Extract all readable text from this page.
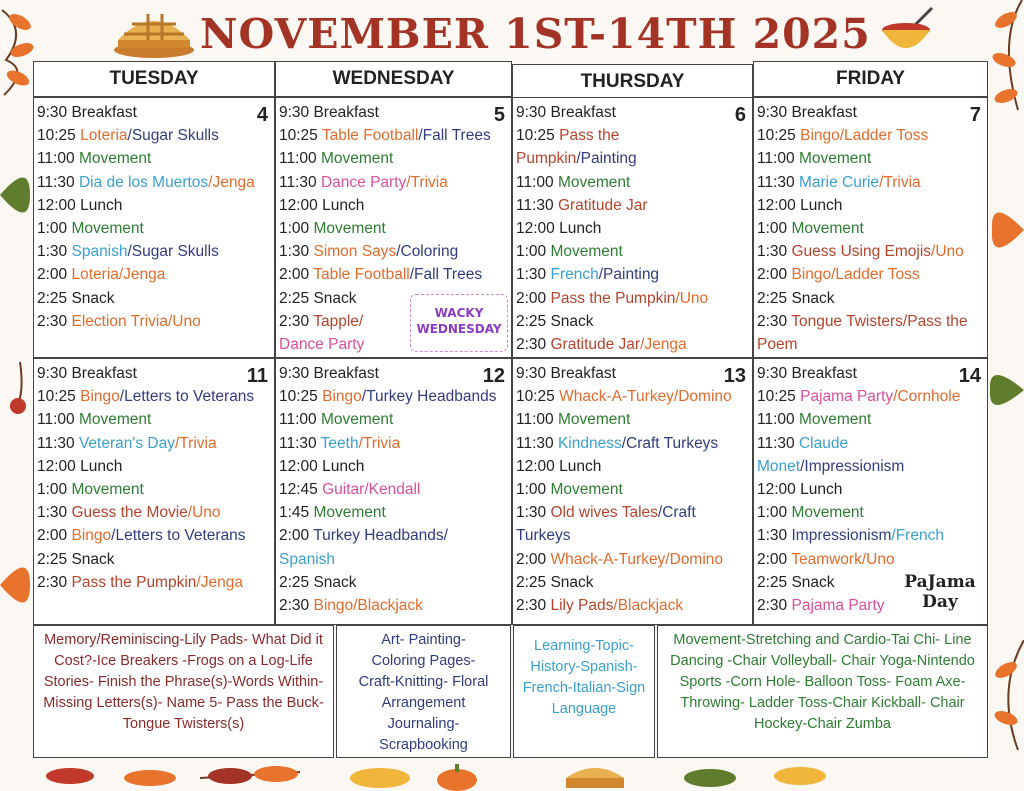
NOVEMBER 1ST-14TH 2025
TUESDAY	WEDNESDAY	THURSDAY	FRIDAY
4
9:30 Breakfast
10:25 Loteria/Sugar Skulls
11:00 Movement
11:30 Dia de los Muertos/Jenga
12:00 Lunch
1:00 Movement
1:30 Spanish/Sugar Skulls
2:00 Loteria/Jenga
2:25 Snack
2:30 Election Trivia/Uno
5
9:30 Breakfast
10:25 Table Football/Fall Trees
11:00 Movement
11:30 Dance Party/Trivia
12:00 Lunch
1:00 Movement
1:30 Simon Says/Coloring
2:00 Table Football/Fall Trees
2:25 Snack
2:30 Tapple/
Dance Party
6
9:30 Breakfast
10:25 Pass the
Pumpkin/Painting
11:00 Movement
11:30 Gratitude Jar
12:00 Lunch
1:00 Movement
1:30 French/Painting
2:00 Pass the Pumpkin/Uno
2:25 Snack
2:30 Gratitude Jar/Jenga
7
9:30 Breakfast
10:25 Bingo/Ladder Toss
11:00 Movement
11:30 Marie Curie/Trivia
12:00 Lunch
1:00 Movement
1:30 Guess Using Emojis/Uno
2:00 Bingo/Ladder Toss
2:25 Snack
2:30 Tongue Twisters/Pass the
Poem
11
9:30 Breakfast
10:25 Bingo/Letters to Veterans
11:00 Movement
11:30 Veteran's Day/Trivia
12:00 Lunch
1:00 Movement
1:30 Guess the Movie/Uno
2:00 Bingo/Letters to Veterans
2:25 Snack
2:30 Pass the Pumpkin/Jenga
12
9:30 Breakfast
10:25 Bingo/Turkey Headbands
11:00 Movement
11:30 Teeth/Trivia
12:00 Lunch
12:45 Guitar/Kendall
1:45 Movement
2:00 Turkey Headbands/
Spanish
2:25 Snack
2:30 Bingo/Blackjack
13
9:30 Breakfast
10:25 Whack-A-Turkey/Domino
11:00 Movement
11:30 Kindness/Craft Turkeys
12:00 Lunch
1:00 Movement
1:30 Old wives Tales/Craft
Turkeys
2:00 Whack-A-Turkey/Domino
2:25 Snack
2:30 Lily Pads/Blackjack
14
9:30 Breakfast
10:25 Pajama Party/Cornhole
11:00 Movement
11:30 Claude
Monet/Impressionism
12:00 Lunch
1:00 Movement
1:30 Impressionism/French
2:00 Teamwork/Uno
2:25 Snack
2:30 Pajama Party
WACKY WEDNESDAY
PaJama
Day
Memory/Reminiscing-Lily Pads- What Did it Cost?-Ice Breakers -Frogs on a Log-Life Stories- Finish the Phrase(s)-Words Within- Missing Letters(s)- Name 5- Pass the Buck- Tongue Twisters(s)
Art- Painting- Coloring Pages- Craft-Knitting- Floral Arrangement Journaling- Scrapbooking
Learning-Topic- History-Spanish- French-Italian-Sign Language
Movement-Stretching and Cardio-Tai Chi- Line Dancing -Chair Volleyball- Chair Yoga-Nintendo Sports -Corn Hole- Balloon Toss- Foam Axe- Throwing- Ladder Toss-Chair Kickball- Chair Hockey-Chair Zumba
